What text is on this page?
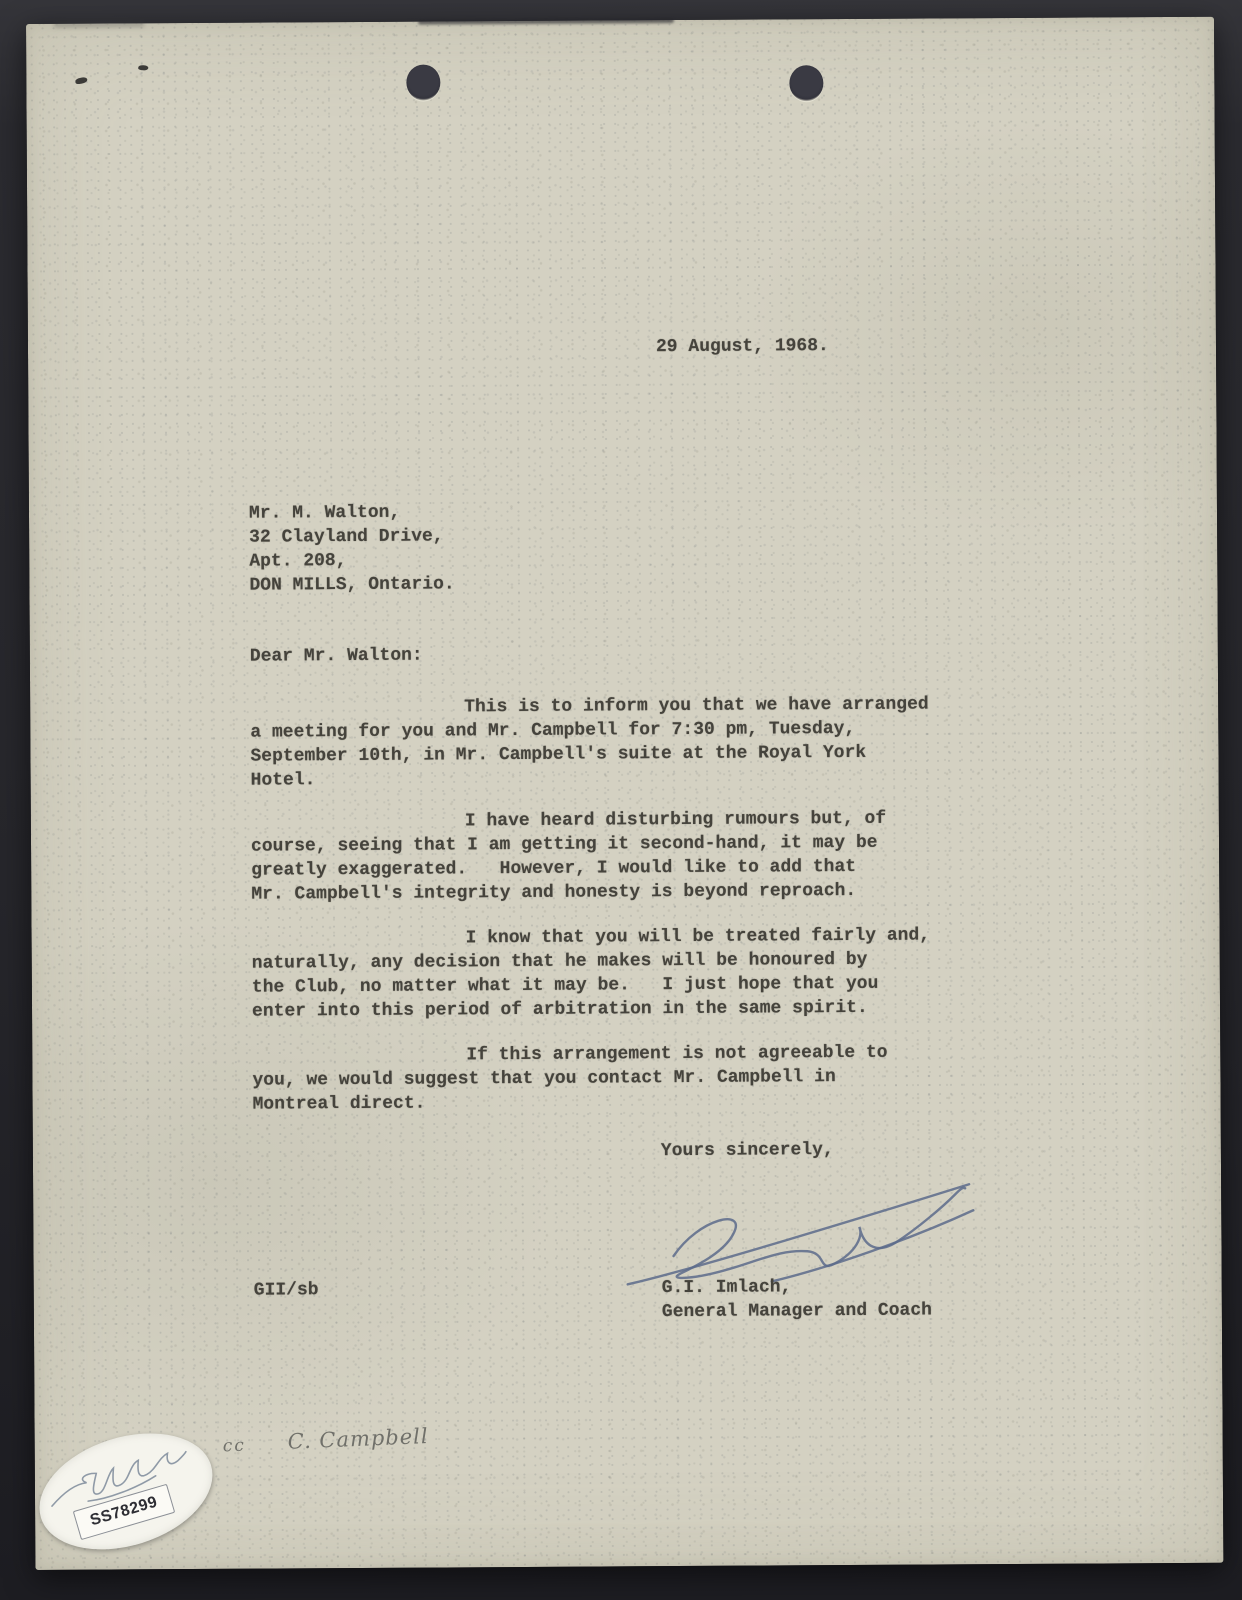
29 August, 1968.
Mr. M. Walton,
32 Clayland Drive,
Apt. 208,
DON MILLS, Ontario.
Dear Mr. Walton:
This is to inform you that we have arranged
a meeting for you and Mr. Campbell for 7:30 pm, Tuesday,
September 10th, in Mr. Campbell's suite at the Royal York
Hotel.
I have heard disturbing rumours but, of
course, seeing that I am getting it second-hand, it may be
greatly exaggerated.   However, I would like to add that
Mr. Campbell's integrity and honesty is beyond reproach.
I know that you will be treated fairly and,
naturally, any decision that he makes will be honoured by
the Club, no matter what it may be.   I just hope that you
enter into this period of arbitration in the same spirit.
If this arrangement is not agreeable to
you, we would suggest that you contact Mr. Campbell in
Montreal direct.
Yours sincerely,
GII/sb	G.I. Imlach,
General Manager and Coach
cc C. Campbell
SS78299
